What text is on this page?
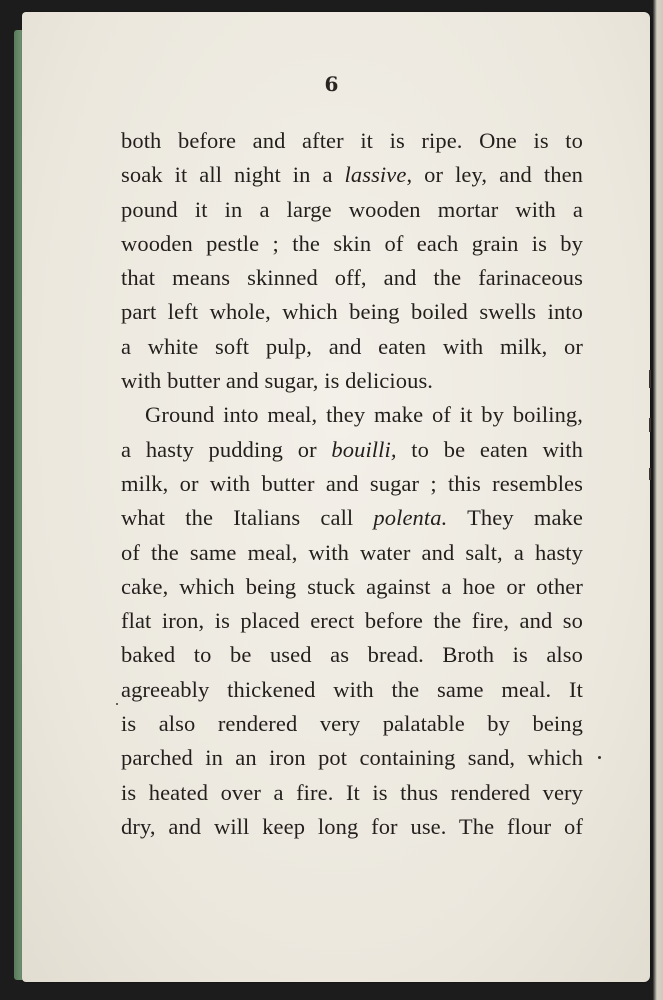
6
both before and after it is ripe. One is to
soak it all night in a lassive, or ley, and then
pound it in a large wooden mortar with a
wooden pestle ; the skin of each grain is by
that means skinned off, and the farinaceous
part left whole, which being boiled swells into
a white soft pulp, and eaten with milk, or
with butter and sugar, is delicious.
Ground into meal, they make of it by boiling,
a hasty pudding or bouilli, to be eaten with
milk, or with butter and sugar ; this resembles
what the Italians call polenta. They make
of the same meal, with water and salt, a hasty
cake, which being stuck against a hoe or other
flat iron, is placed erect before the fire, and so
baked to be used as bread. Broth is also
agreeably thickened with the same meal. It
is also rendered very palatable by being
parched in an iron pot containing sand, which
is heated over a fire. It is thus rendered very
dry, and will keep long for use. The flour of
